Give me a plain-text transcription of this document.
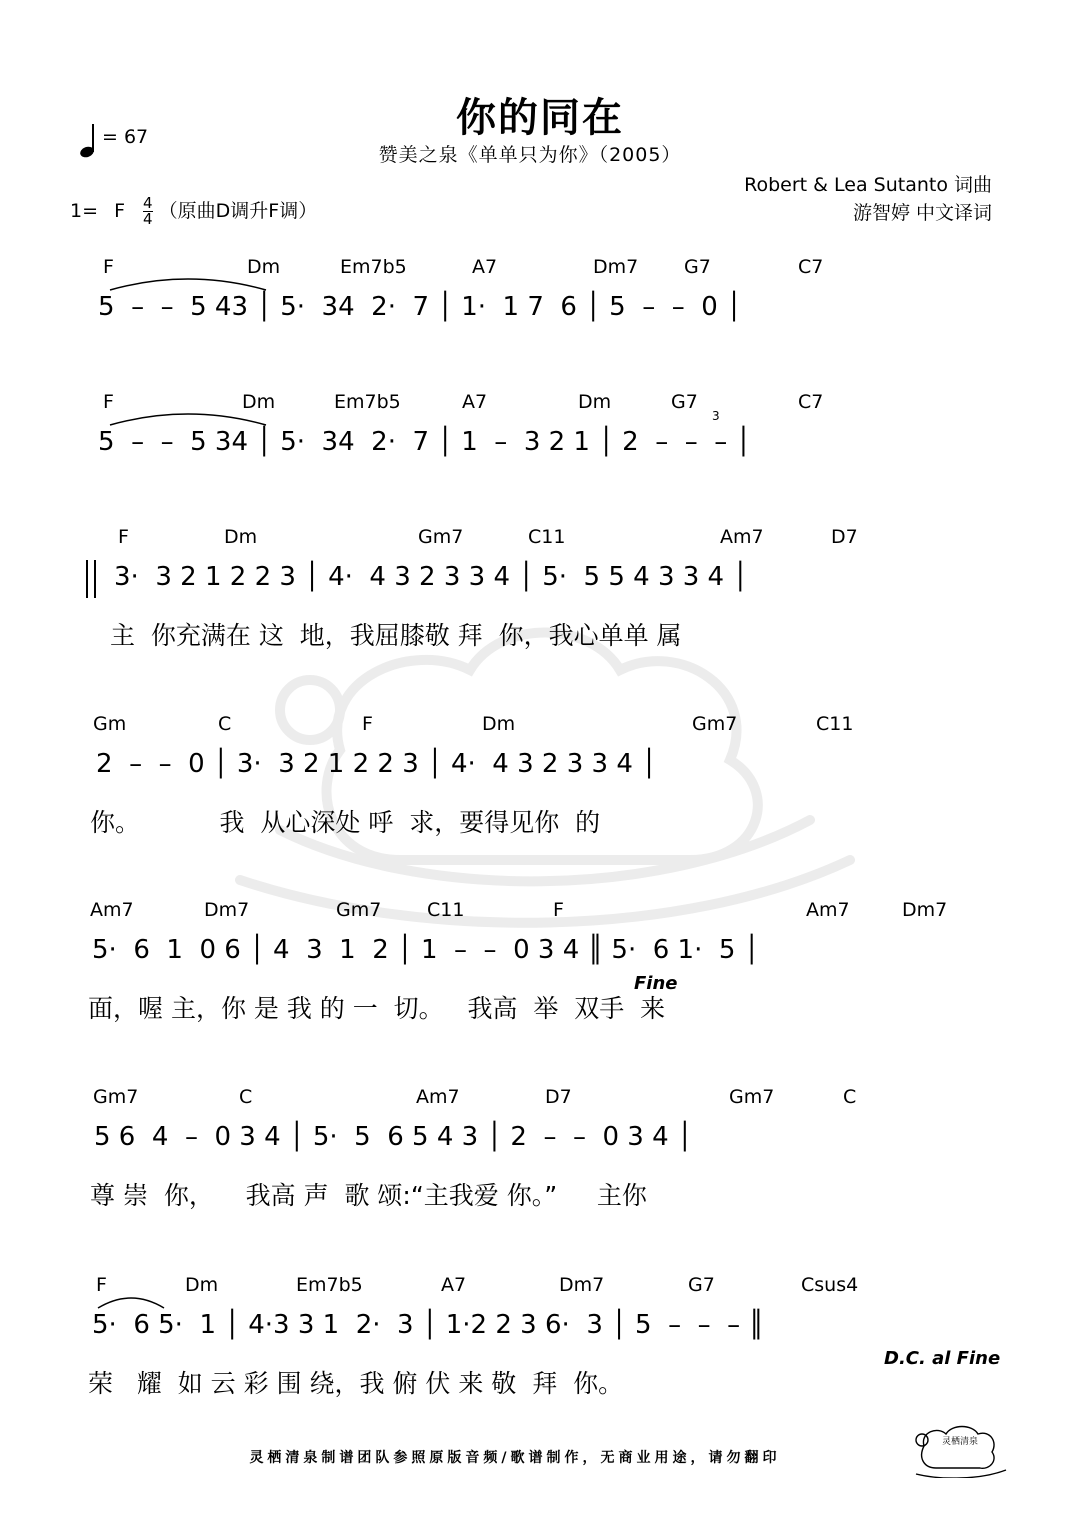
你的同在
赞美之泉《单单只为你》（2005）
= 67
1= F $\frac{4}{4}$ （原曲D调升F调）
Robert & Lea Sutanto 词曲
游智婷 中文译词
F	Dm	Em7b5	A7	Dm7 G7	C7
5  –  –  5 43 │ 5·  34  2·  7 │ 1·  1 7  6 │ 5  –  –  0 │
F	Dm	Em7b5	A7	Dm	G7	C7
3
5  –  –  5 34 │ 5·  34  2·  7 │ 1  –  3 2 1 │ 2  –  –  – │
F	Dm	Gm7	C11	Am7	D7
3·  3 2 1 2 2 3 │ 4·  4 3 2 3 3 4 │ 5·  5 5 4 3 3 4 │
主  你充满在 这  地，我屈膝敬 拜  你，我心单单 属
Gm	C	F	Dm	Gm7	C11
2  –  –  0 │ 3·  3 2 1 2 2 3 │ 4·  4 3 2 3 3 4 │
你。          我  从心深处 呼  求，要得见你  的
Am7	Dm7	Gm7 C11	F	Am7	Dm7
5·  6  1  0 6 │ 4  3  1  2 │ 1  –  –  0 3 4 ║ 5·  6 1·  5 │
Fine
面，喔 主，你 是 我 的 一  切。   我高  举  双手  来
Gm7	C	Am7	D7	Gm7	C
5 6  4  –  0 3 4 │ 5·  5  6 5 4 3 │ 2  –  –  0 3 4 │
尊 崇  你，    我高 声  歌 颂:“主我爱 你。”     主你
F	Dm	Em7b5	A7	Dm7	G7	Csus4
5·  6 5·  1 │ 4·3 3 1  2·  3 │ 1·2 2 3 6·  3 │ 5  –  –  – ║
D.C. al Fine
荣   耀  如 云 彩 围 绕，我 俯 伏 来 敬  拜  你。
灵栖清泉制谱团队参照原版音频/歌谱制作，无商业用途，请勿翻印
灵栖清泉
